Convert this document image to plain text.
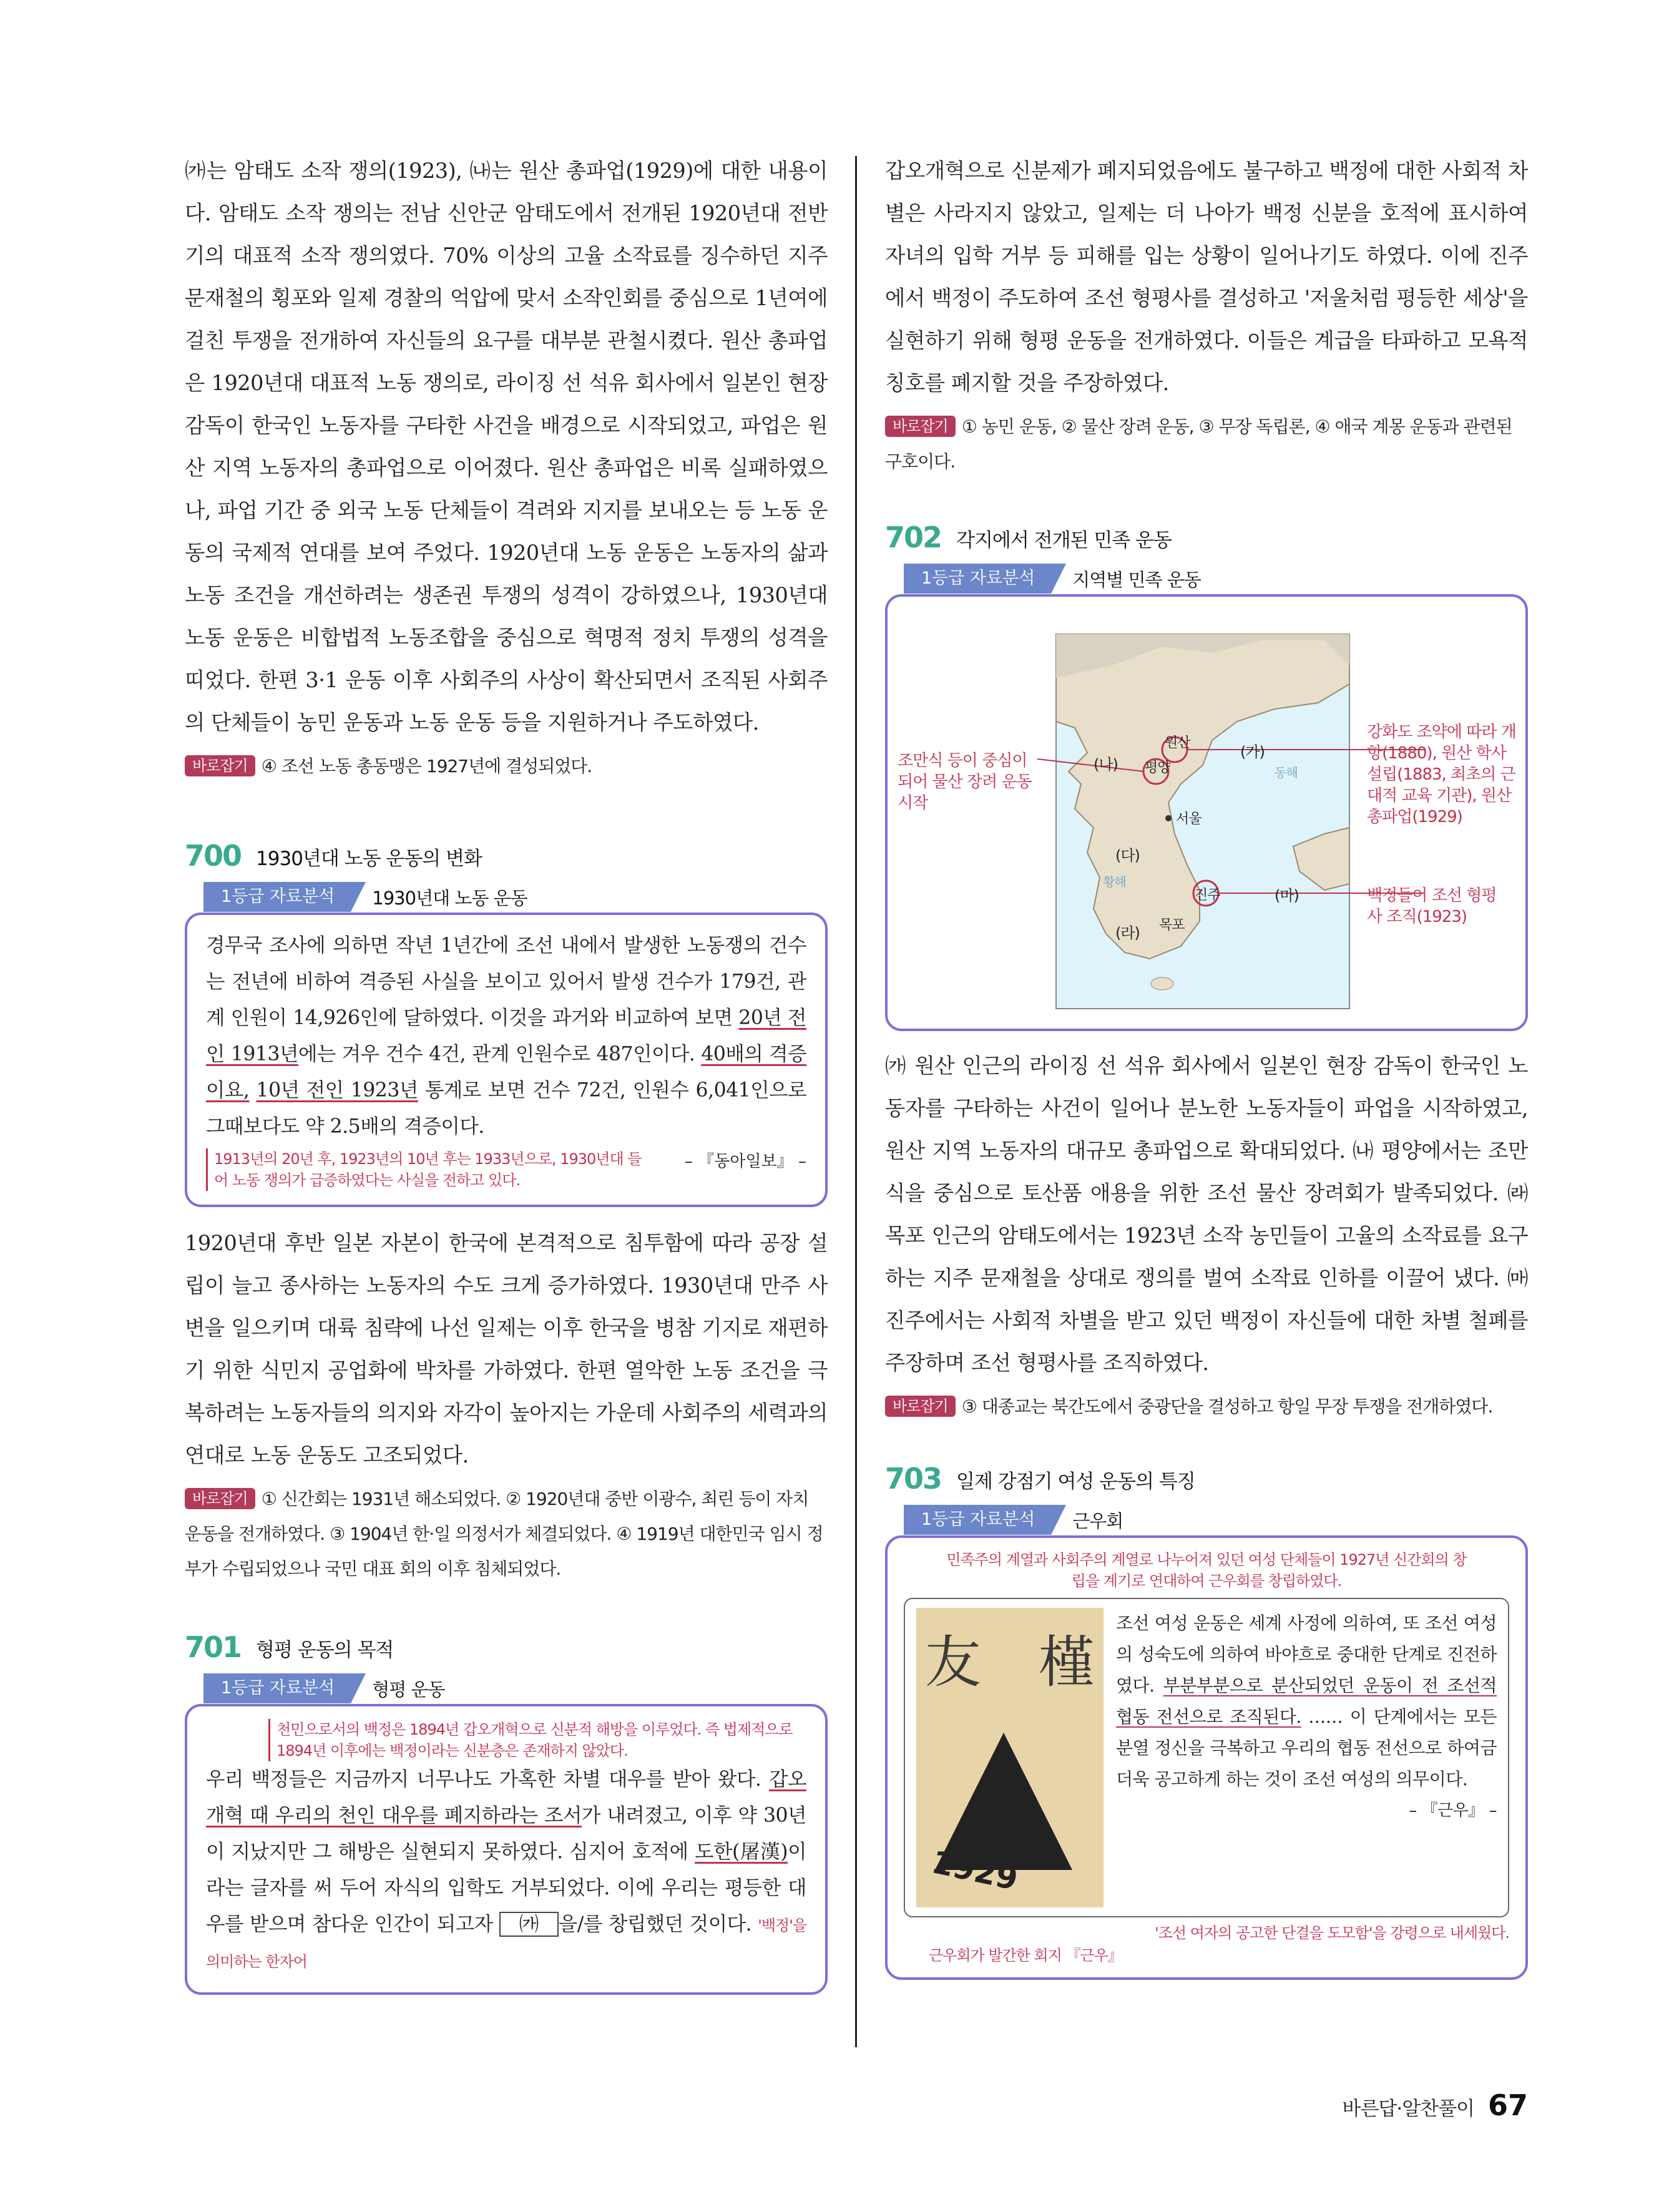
㈎는 암태도 소작 쟁의(1923), ㈏는 원산 총파업(1929)에 대한 내용이다. 암태도 소작 쟁의는 전남 신안군 암태도에서 전개된 1920년대 전반기의 대표적 소작 쟁의였다. 70% 이상의 고율 소작료를 징수하던 지주 문재철의 횡포와 일제 경찰의 억압에 맞서 소작인회를 중심으로 1년여에 걸친 투쟁을 전개하여 자신들의 요구를 대부분 관철시켰다. 원산 총파업은 1920년대 대표적 노동 쟁의로, 라이징 선 석유 회사에서 일본인 현장 감독이 한국인 노동자를 구타한 사건을 배경으로 시작되었고, 파업은 원산 지역 노동자의 총파업으로 이어졌다. 원산 총파업은 비록 실패하였으나, 파업 기간 중 외국 노동 단체들이 격려와 지지를 보내오는 등 노동 운동의 국제적 연대를 보여 주었다. 1920년대 노동 운동은 노동자의 삶과 노동 조건을 개선하려는 생존권 투쟁의 성격이 강하였으나, 1930년대 노동 운동은 비합법적 노동조합을 중심으로 혁명적 정치 투쟁의 성격을 띠었다. 한편 3·1 운동 이후 사회주의 사상이 확산되면서 조직된 사회주의 단체들이 농민 운동과 노동 운동 등을 지원하거나 주도하였다.

바로잡기 ④ 조선 노동 총동맹은 1927년에 결성되었다.

700 1930년대 노동 운동의 변화
1등급 자료분석	1930년대 노동 운동

경무국 조사에 의하면 작년 1년간에 조선 내에서 발생한 노동쟁의 건수는 전년에 비하여 격증된 사실을 보이고 있어서 발생 건수가 179건, 관계 인원이 14,926인에 달하였다. 이것을 과거와 비교하여 보면 20년 전인 1913년에는 겨우 건수 4건, 관계 인원수로 487인이다. 40배의 격증이요, 10년 전인 1923년 통계로 보면 건수 72건, 인원수 6,041인으로 그때보다도 약 2.5배의 격증이다.

1913년의 20년 후, 1923년의 10년 후는 1933년으로, 1930년대 들어 노동 쟁의가 급증하였다는 사실을 전하고 있다.
– 『동아일보』 –

1920년대 후반 일본 자본이 한국에 본격적으로 침투함에 따라 공장 설립이 늘고 종사하는 노동자의 수도 크게 증가하였다. 1930년대 만주 사변을 일으키며 대륙 침략에 나선 일제는 이후 한국을 병참 기지로 재편하기 위한 식민지 공업화에 박차를 가하였다. 한편 열악한 노동 조건을 극복하려는 노동자들의 의지와 자각이 높아지는 가운데 사회주의 세력과의 연대로 노동 운동도 고조되었다.

바로잡기 ① 신간회는 1931년 해소되었다. ② 1920년대 중반 이광수, 최린 등이 자치 운동을 전개하였다. ③ 1904년 한·일 의정서가 체결되었다. ④ 1919년 대한민국 임시 정부가 수립되었으나 국민 대표 회의 이후 침체되었다.

701 형평 운동의 목적
1등급 자료분석	형평 운동
천민으로서의 백정은 1894년 갑오개혁으로 신분적 해방을 이루었다. 즉 법제적으로 1894년 이후에는 백정이라는 신분층은 존재하지 않았다.

우리 백정들은 지금까지 너무나도 가혹한 차별 대우를 받아 왔다. 갑오개혁 때 우리의 천인 대우를 폐지하라는 조서가 내려졌고, 이후 약 30년이 지났지만 그 해방은 실현되지 못하였다. 심지어 호적에 도한(屠漢)이라는 글자를 써 두어 자식의 입학도 거부되었다. 이에 우리는 평등한 대우를 받으며 참다운 인간이 되고자 ㈎ 을/를 창립했던 것이다. '백정'을 의미하는 한자어

갑오개혁으로 신분제가 폐지되었음에도 불구하고 백정에 대한 사회적 차별은 사라지지 않았고, 일제는 더 나아가 백정 신분을 호적에 표시하여 자녀의 입학 거부 등 피해를 입는 상황이 일어나기도 하였다. 이에 진주에서 백정이 주도하여 조선 형평사를 결성하고 '저울처럼 평등한 세상'을 실현하기 위해 형평 운동을 전개하였다. 이들은 계급을 타파하고 모욕적 칭호를 폐지할 것을 주장하였다.

바로잡기 ① 농민 운동, ② 물산 장려 운동, ③ 무장 독립론, ④ 애국 계몽 운동과 관련된 구호이다.

702 각지에서 전개된 민족 운동
1등급 자료분석	지역별 민족 운동
원산
평양
서울
진주
목포
(가)
(나)
(다)
(라)
(마)
동해
황해
조만식 등이 중심이 되어 물산 장려 운동 시작
강화도 조약에 따라 개항(1880), 원산 학사 설립(1883, 최초의 근대적 교육 기관), 원산 총파업(1929)
백정들이 조선 형평사 조직(1923)

㈎ 원산 인근의 라이징 선 석유 회사에서 일본인 현장 감독이 한국인 노동자를 구타하는 사건이 일어나 분노한 노동자들이 파업을 시작하였고, 원산 지역 노동자의 대규모 총파업으로 확대되었다. ㈏ 평양에서는 조만식을 중심으로 토산품 애용을 위한 조선 물산 장려회가 발족되었다. ㈑ 목포 인근의 암태도에서는 1923년 소작 농민들이 고율의 소작료를 요구하는 지주 문재철을 상대로 쟁의를 벌여 소작료 인하를 이끌어 냈다. ㈒ 진주에서는 사회적 차별을 받고 있던 백정이 자신들에 대한 차별 철폐를 주장하며 조선 형평사를 조직하였다.

바로잡기 ③ 대종교는 북간도에서 중광단을 결성하고 항일 무장 투쟁을 전개하였다.

703 일제 강점기 여성 운동의 특징
1등급 자료분석	근우회
민족주의 계열과 사회주의 계열로 나누어져 있던 여성 단체들이 1927년 신간회의 창립을 계기로 연대하여 근우회를 창립하였다.
友 槿
1929

조선 여성 운동은 세계 사정에 의하여, 또 조선 여성의 성숙도에 의하여 바야흐로 중대한 단계로 진전하였다. 부분부분으로 분산되었던 운동이 전 조선적 협동 전선으로 조직된다. …… 이 단계에서는 모든 분열 정신을 극복하고 우리의 협동 전선으로 하여금 더욱 공고하게 하는 것이 조선 여성의 의무이다.
– 『근우』 –

'조선 여자의 공고한 단결을 도모함'을 강령으로 내세웠다.
근우회가 발간한 회지 『근우』
바른답·알찬풀이 67
